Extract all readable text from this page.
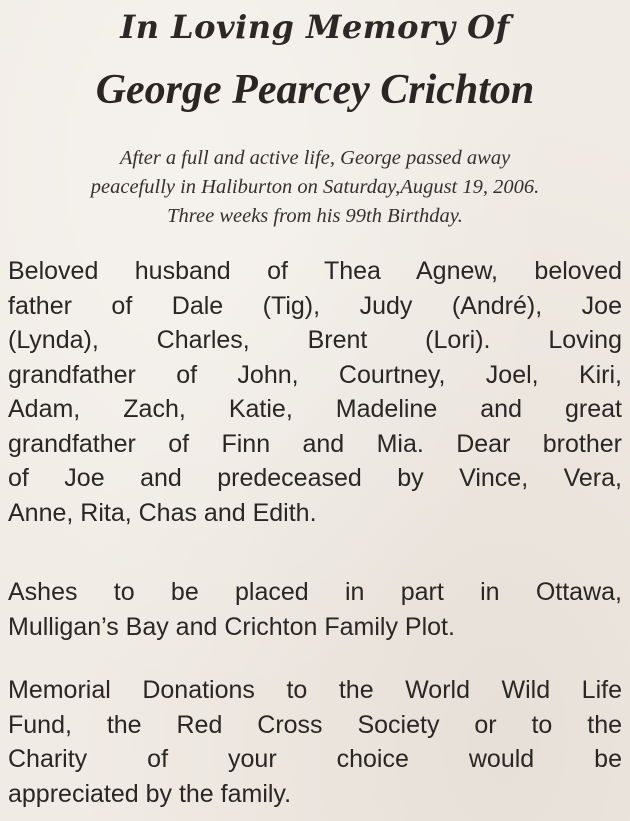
In Loving Memory Of
George Pearcey Crichton
After a full and active life, George passed away
peacefully in Haliburton on Saturday,August 19, 2006.
Three weeks from his 99th Birthday.
Beloved husband of Thea Agnew, beloved
father of Dale (Tig), Judy (André), Joe
(Lynda), Charles, Brent (Lori). Loving
grandfather of John, Courtney, Joel, Kiri,
Adam, Zach, Katie, Madeline and great
grandfather of Finn and Mia. Dear brother
of Joe and predeceased by Vince, Vera,
Anne, Rita, Chas and Edith.
Ashes to be placed in part in Ottawa,
Mulligan’s Bay and Crichton Family Plot.
Memorial Donations to the World Wild Life
Fund, the Red Cross Society or to the
Charity of your choice would be
appreciated by the family.
